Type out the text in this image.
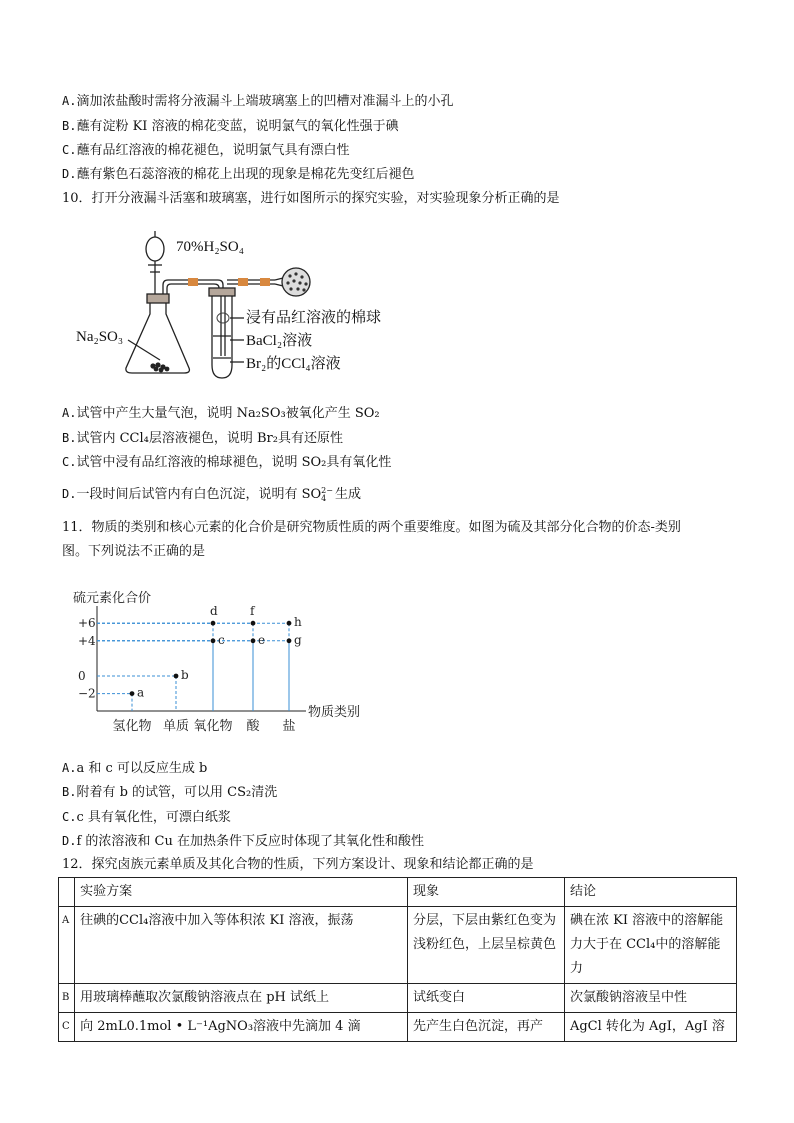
A.滴加浓盐酸时需将分液漏斗上端玻璃塞上的凹槽对准漏斗上的小孔
B.蘸有淀粉 KI 溶液的棉花变蓝，说明氯气的氧化性强于碘
C.蘸有品红溶液的棉花褪色，说明氯气具有漂白性
D.蘸有紫色石蕊溶液的棉花上出现的现象是棉花先变红后褪色
10．打开分液漏斗活塞和玻璃塞，进行如图所示的探究实验，对实验现象分析正确的是
70%H₂SO₄
Na₂SO₃
浸有品红溶液的棉球
BaCl₂溶液
Br₂的CCl₄溶液
A.试管中产生大量气泡，说明 Na₂SO₃被氧化产生 SO₂
B.试管内 CCl₄层溶液褪色，说明 Br₂具有还原性
C.试管中浸有品红溶液的棉球褪色，说明 SO₂具有氧化性
D.一段时间后试管内有白色沉淀，说明有 SO2−
4 生成
11．物质的类别和核心元素的化合价是研究物质性质的两个重要维度。如图为硫及其部分化合物的价态-类别
图。下列说法不正确的是
硫元素化合价
物质类别
+6
+4
0
−2
氢化物 单质 氧化物 酸 盐
a
b
c
d
e
f
g
h
A.a 和 c 可以反应生成 b
B.附着有 b 的试管，可以用 CS₂清洗
C.c 具有氧化性，可漂白纸浆
D.f 的浓溶液和 Cu 在加热条件下反应时体现了其氧化性和酸性
12．探究卤族元素单质及其化合物的性质，下列方案设计、现象和结论都正确的是
	实验方案	现象	结论
A	往碘的CCl₄溶液中加入等体积浓 KI 溶液，振荡	分层，下层由紫红色变为浅粉红色，上层呈棕黄色	碘在浓 KI 溶液中的溶解能力大于在 CCl₄中的溶解能力
B	用玻璃棒蘸取次氯酸钠溶液点在 pH 试纸上	试纸变白	次氯酸钠溶液呈中性
C	向 2mL0.1mol • L⁻¹AgNO₃溶液中先滴加 4 滴	先产生白色沉淀，再产	AgCl 转化为 AgI，AgI 溶
